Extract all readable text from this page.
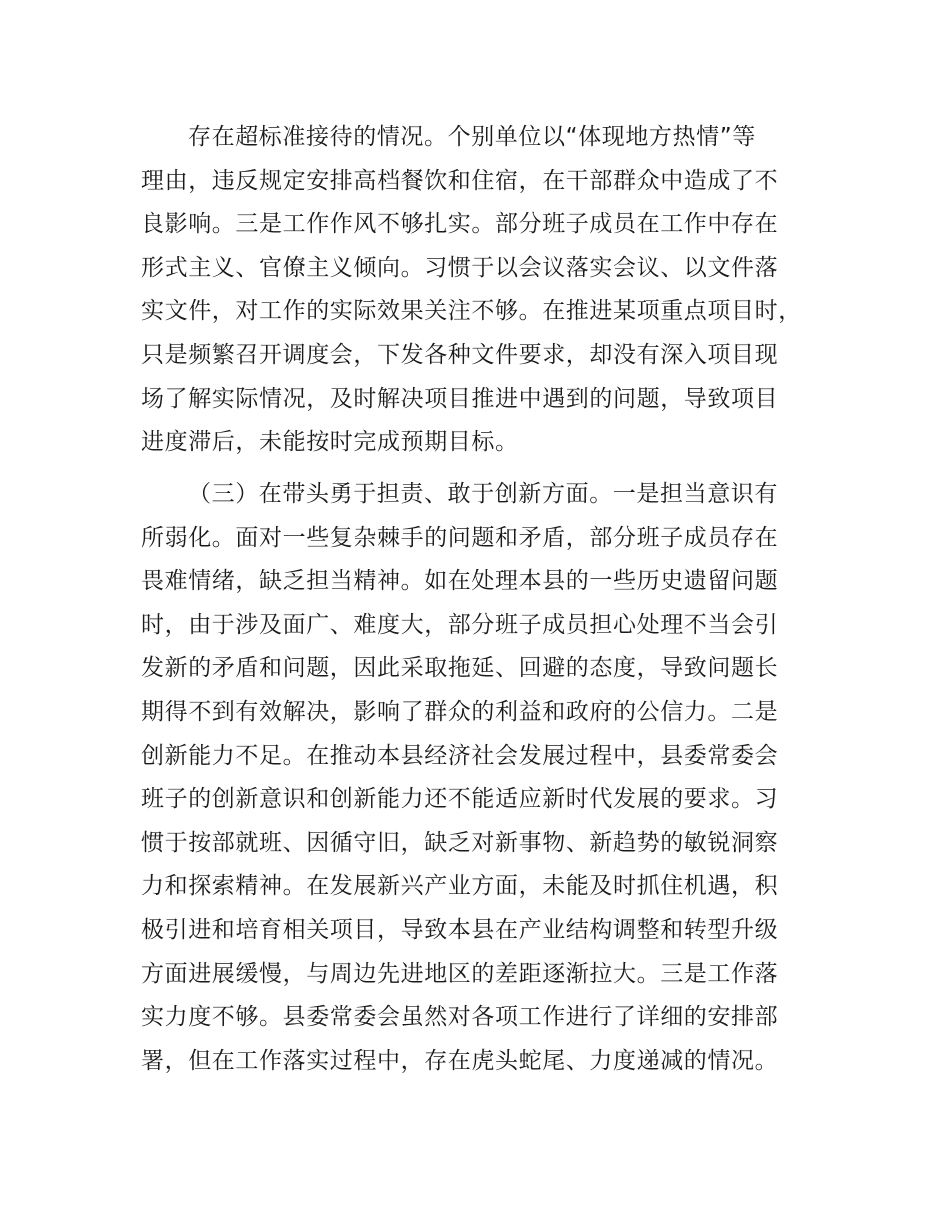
存在超标准接待的情况。个别单位以“体现地方热情”等
理由，违反规定安排高档餐饮和住宿，在干部群众中造成了不
良影响。三是工作作风不够扎实。部分班子成员在工作中存在
形式主义、官僚主义倾向。习惯于以会议落实会议、以文件落
实文件，对工作的实际效果关注不够。在推进某项重点项目时，
只是频繁召开调度会，下发各种文件要求，却没有深入项目现
场了解实际情况，及时解决项目推进中遇到的问题，导致项目
进度滞后，未能按时完成预期目标。
（三）在带头勇于担责、敢于创新方面。一是担当意识有
所弱化。面对一些复杂棘手的问题和矛盾，部分班子成员存在
畏难情绪，缺乏担当精神。如在处理本县的一些历史遗留问题
时，由于涉及面广、难度大，部分班子成员担心处理不当会引
发新的矛盾和问题，因此采取拖延、回避的态度，导致问题长
期得不到有效解决，影响了群众的利益和政府的公信力。二是
创新能力不足。在推动本县经济社会发展过程中，县委常委会
班子的创新意识和创新能力还不能适应新时代发展的要求。习
惯于按部就班、因循守旧，缺乏对新事物、新趋势的敏锐洞察
力和探索精神。在发展新兴产业方面，未能及时抓住机遇，积
极引进和培育相关项目，导致本县在产业结构调整和转型升级
方面进展缓慢，与周边先进地区的差距逐渐拉大。三是工作落
实力度不够。县委常委会虽然对各项工作进行了详细的安排部
署，但在工作落实过程中，存在虎头蛇尾、力度递减的情况。
